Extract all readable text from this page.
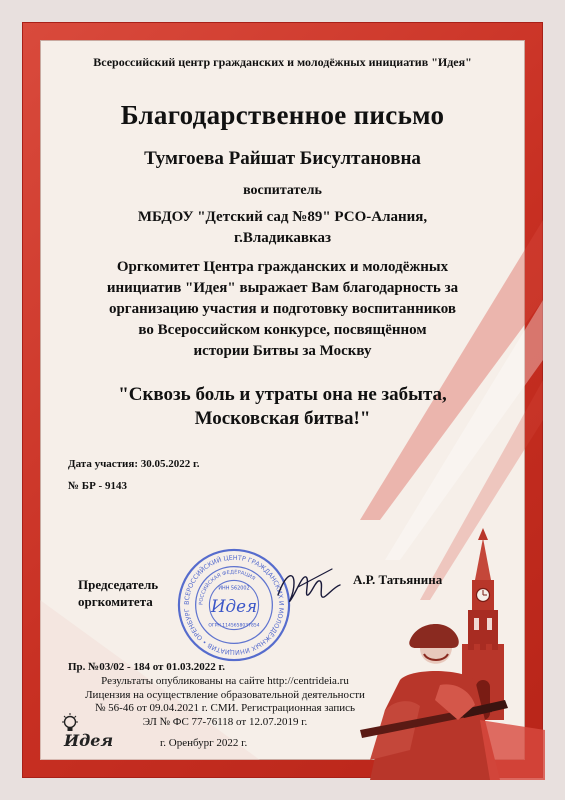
Всероссийский центр гражданских и молодёжных инициатив "Идея"
Благодарственное письмо
Тумгоева Райшат Бисултановна
воспитатель
МБДОУ "Детский сад №89" РСО-Алания,
г.Владикавказ
Оргкомитет Центра гражданских и молодёжных
инициатив "Идея" выражает Вам благодарность за
организацию участия и подготовку воспитанников
во Всероссийском конкурсе, посвящённом
истории Битвы за Москву
"Сквозь боль и утраты она не забыта,
Московская битва!"
Дата участия: 30.05.2022 г.
№ БР - 9143
Председатель
оргкомитета	ВСЕРОССИЙСКИЙ ЦЕНТР ГРАЖДАНСКИХ И МОЛОДЁЖНЫХ ИНИЦИАТИВ • ОРЕНБУРГ
РОССИЙСКАЯ ФЕДЕРАЦИЯ
ИНН 562002
Идея
ОГРН 1145658037854
А.Р. Татьянина
Пр. №03/02 - 184 от 01.03.2022 г.
Результаты опубликованы на сайте http://centrideia.ru
Лицензия на осуществление образовательной деятельности
№ 56-46 от 09.04.2021 г. СМИ. Регистрационная запись
ЭЛ № ФС 77-76118 от 12.07.2019 г.
г. Оренбург 2022 г.
Идея
